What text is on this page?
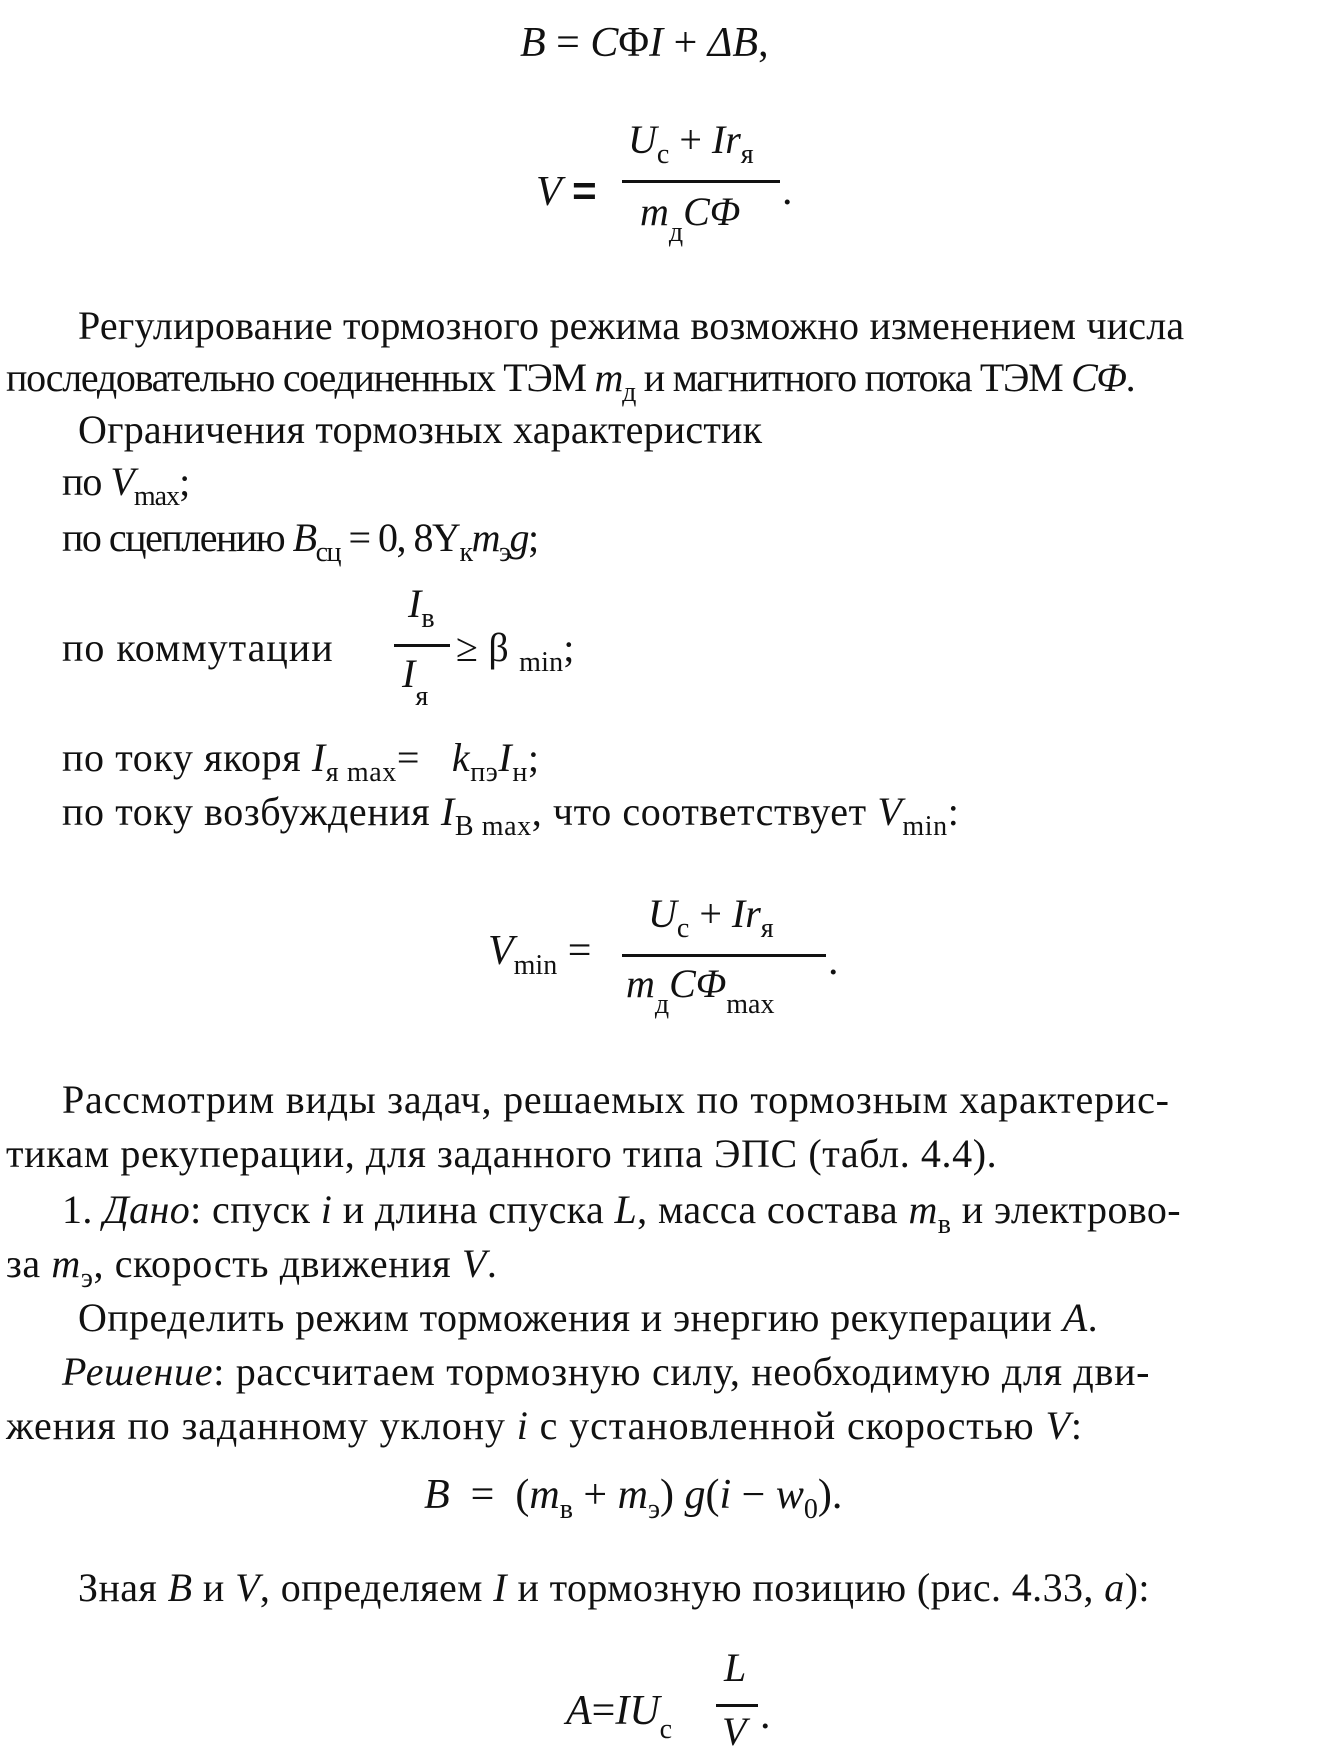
B = CΦI + ΔB,
V =
$U_с + Ir_я$
$m_дC\Phi$ .
Регулирование тормозного режима возможно изменением числа
последовательно соединенных ТЭМ $m_д$ и магнитного потока ТЭМ CΦ.
Ограничения тормозных характеристик
по $V_{max}$;
по сцеплению $B_{сц} = 0$, $8Y_кm_эg$;
по коммутации
$I_в$
$I_я$
≥ β $_{min}$;
по току якоря $I_{я max}= k_{пэ}I_н$;
по току возбуждения $I_{В max}$, что соответствует $V_{min}$:
$V_{min}$ =
$U_с + Ir_я$
$m_дC\Phi_{max}$
.
Рассмотрим виды задач, решаемых по тормозным характерис-
тикам рекуперации, для заданного типа ЭПС (табл. 4.4).
1. Дано: спуск i и длина спуска L, масса состава $m_в$ и электрово-
за $m_э$, скорость движения V.
Определить режим торможения и энергию рекуперации A.
Решение: рассчитаем тормозную силу, необходимую для дви-
жения по заданному уклону i с установленной скоростью V:
$B = (m_в + m_э) g(i - w_0)$.
Зная B и V, определяем I и тормозную позицию (рис. 4.33, а):
$A=IU_с$
L
V .
